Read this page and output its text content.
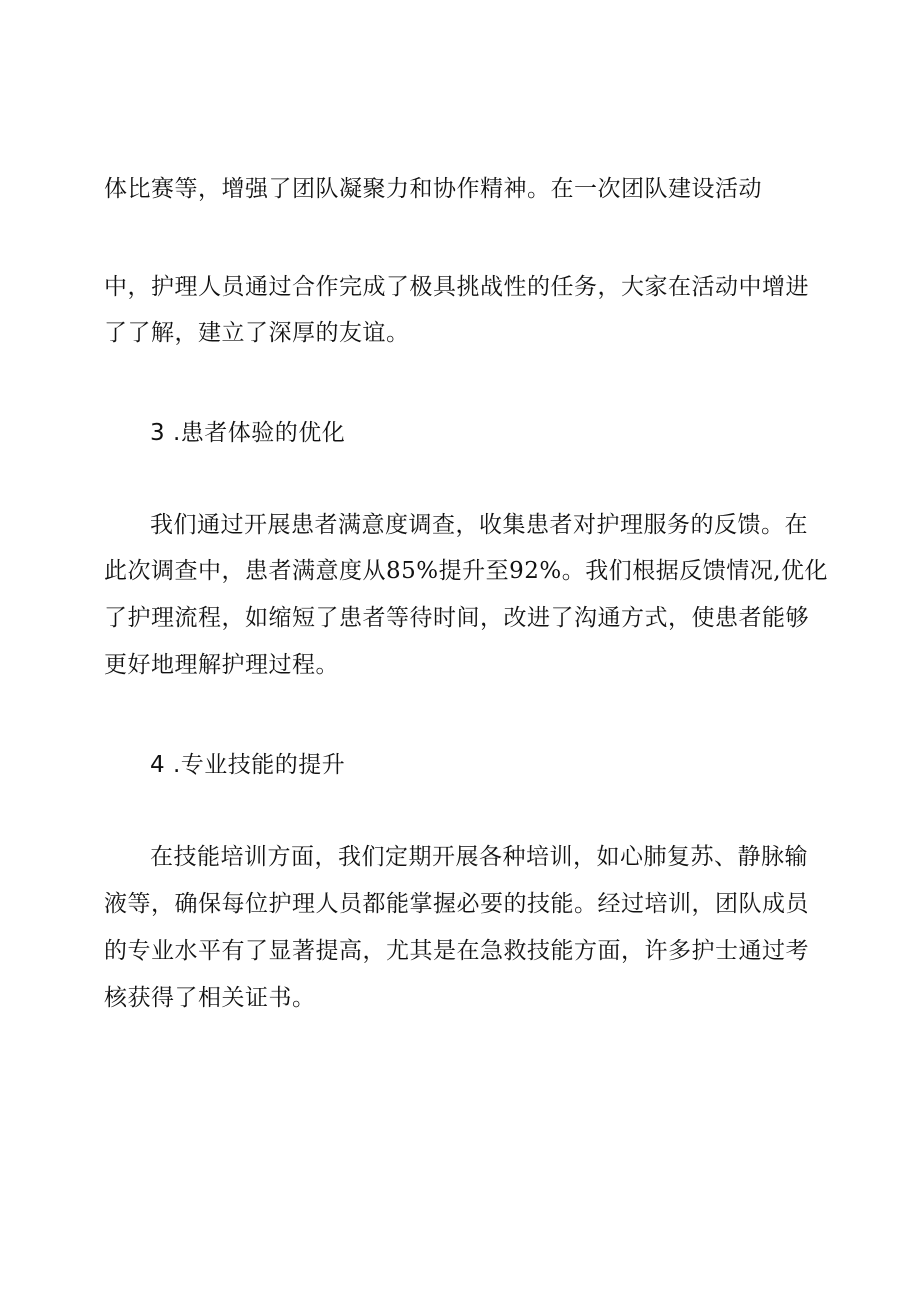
体比赛等，增强了团队凝聚力和协作精神。在一次团队建设活动
中，护理人员通过合作完成了极具挑战性的任务，大家在活动中增进
了了解，建立了深厚的友谊。
3 .患者体验的优化
我们通过开展患者满意度调查，收集患者对护理服务的反馈。在
此次调查中，患者满意度从85%提升至92%。我们根据反馈情况,优化
了护理流程，如缩短了患者等待时间，改进了沟通方式，使患者能够
更好地理解护理过程。
4 .专业技能的提升
在技能培训方面，我们定期开展各种培训，如心肺复苏、静脉输
液等，确保每位护理人员都能掌握必要的技能。经过培训，团队成员
的专业水平有了显著提高，尤其是在急救技能方面，许多护士通过考
核获得了相关证书。
